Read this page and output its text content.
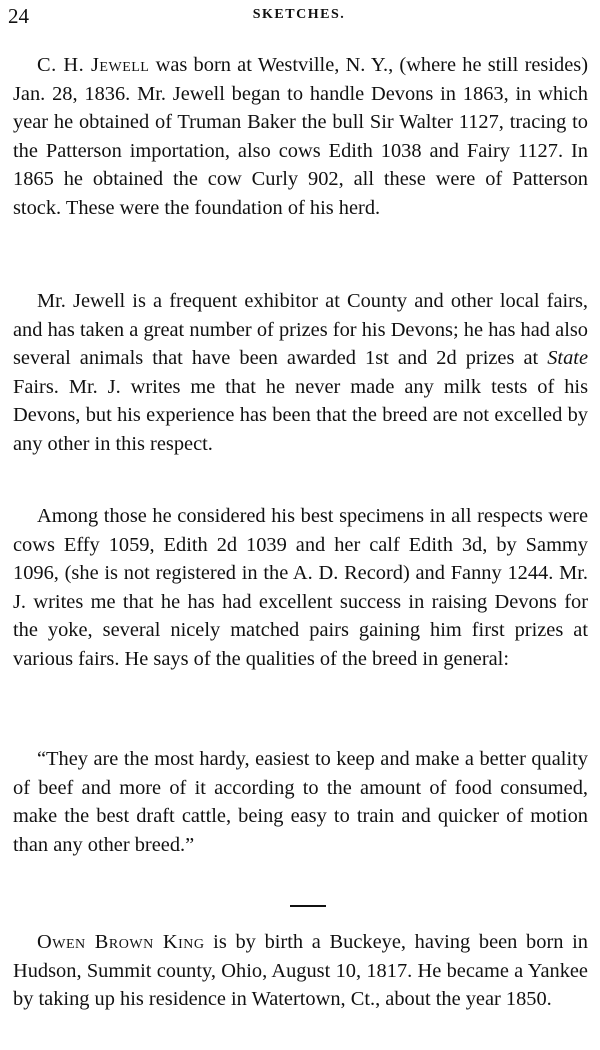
24	SKETCHES.

C. H. Jewell was born at Westville, N. Y., (where he still resides) Jan. 28, 1836. Mr. Jewell began to handle Devons in 1863, in which year he obtained of Truman Baker the bull Sir Walter 1127, tracing to the Patterson importation, also cows Edith 1038 and Fairy 1127. In 1865 he obtained the cow Curly 902, all these were of Patterson stock. These were the foundation of his herd.

Mr. Jewell is a frequent exhibitor at County and other local fairs, and has taken a great number of prizes for his Devons; he has had also several animals that have been awarded 1st and 2d prizes at State Fairs. Mr. J. writes me that he never made any milk tests of his Devons, but his experience has been that the breed are not excelled by any other in this respect.

Among those he considered his best specimens in all respects were cows Effy 1059, Edith 2d 1039 and her calf Edith 3d, by Sammy 1096, (she is not registered in the A. D. Record) and Fanny 1244. Mr. J. writes me that he has had excellent success in raising Devons for the yoke, several nicely matched pairs gaining him first prizes at various fairs. He says of the qualities of the breed in general:

“They are the most hardy, easiest to keep and make a better quality of beef and more of it according to the amount of food consumed, make the best draft cattle, being easy to train and quicker of motion than any other breed.”

Owen Brown King is by birth a Buckeye, having been born in Hudson, Summit county, Ohio, August 10, 1817. He became a Yankee by taking up his residence in Watertown, Ct., about the year 1850.
